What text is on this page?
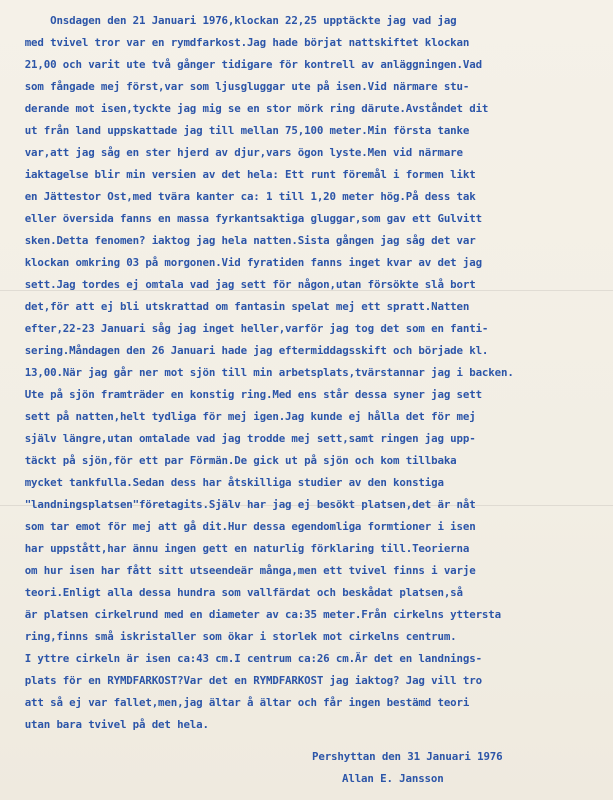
Onsdagen den 21 Januari 1976,klockan 22,25 upptäckte jag vad jag
med tvivel tror var en rymdfarkost.Jag hade börjat nattskiftet klockan
21,00 och varit ute två gånger tidigare för kontrell av anläggningen.Vad
som fångade mej först,var som ljusgluggar ute på isen.Vid närmare stu-
derande mot isen,tyckte jag mig se en stor mörk ring därute.Avståndet dit
ut från land uppskattade jag till mellan 75,100 meter.Min första tanke
var,att jag såg en ster hjerd av djur,vars ögon lyste.Men vid närmare
iaktagelse blir min versien av det hela: Ett runt föremål i formen likt
en Jättestor Ost,med tvära kanter ca: 1 till 1,20 meter hög.På dess tak
eller översida fanns en massa fyrkantsaktiga gluggar,som gav ett Gulvitt
sken.Detta fenomen? iaktog jag hela natten.Sista gången jag såg det var
klockan omkring 03 på morgonen.Vid fyratiden fanns inget kvar av det jag
sett.Jag tordes ej omtala vad jag sett för någon,utan försökte slå bort
det,för att ej bli utskrattad om fantasin spelat mej ett spratt.Natten
efter,22-23 Januari såg jag inget heller,varför jag tog det som en fanti-
sering.Måndagen den 26 Januari hade jag eftermiddagsskift och började kl.
13,00.När jag går ner mot sjön till min arbetsplats,tvärstannar jag i backen.
Ute på sjön framträder en konstig ring.Med ens står dessa syner jag sett
sett på natten,helt tydliga för mej igen.Jag kunde ej hålla det för mej
själv längre,utan omtalade vad jag trodde mej sett,samt ringen jag upp-
täckt på sjön,för ett par Förmän.De gick ut på sjön och kom tillbaka
mycket tankfulla.Sedan dess har åtskilliga studier av den konstiga
"landningsplatsen"företagits.Själv har jag ej besökt platsen,det är nåt
som tar emot för mej att gå dit.Hur dessa egendomliga formtioner i isen
har uppstått,har ännu ingen gett en naturlig förklaring till.Teorierna
om hur isen har fått sitt utseendeär många,men ett tvivel finns i varje
teori.Enligt alla dessa hundra som vallfärdat och beskådat platsen,så
är platsen cirkelrund med en diameter av ca:35 meter.Från cirkelns yttersta
ring,finns små iskristaller som ökar i storlek mot cirkelns centrum.
I yttre cirkeln är isen ca:43 cm.I centrum ca:26 cm.Är det en landnings-
plats för en RYMDFARKOST?Var det en RYMDFARKOST jag iaktog? Jag vill tro
att så ej var fallet,men,jag ältar å ältar och får ingen bestämd teori
utan bara tvivel på det hela.
Pershyttan den 31 Januari 1976
Allan E. Jansson
